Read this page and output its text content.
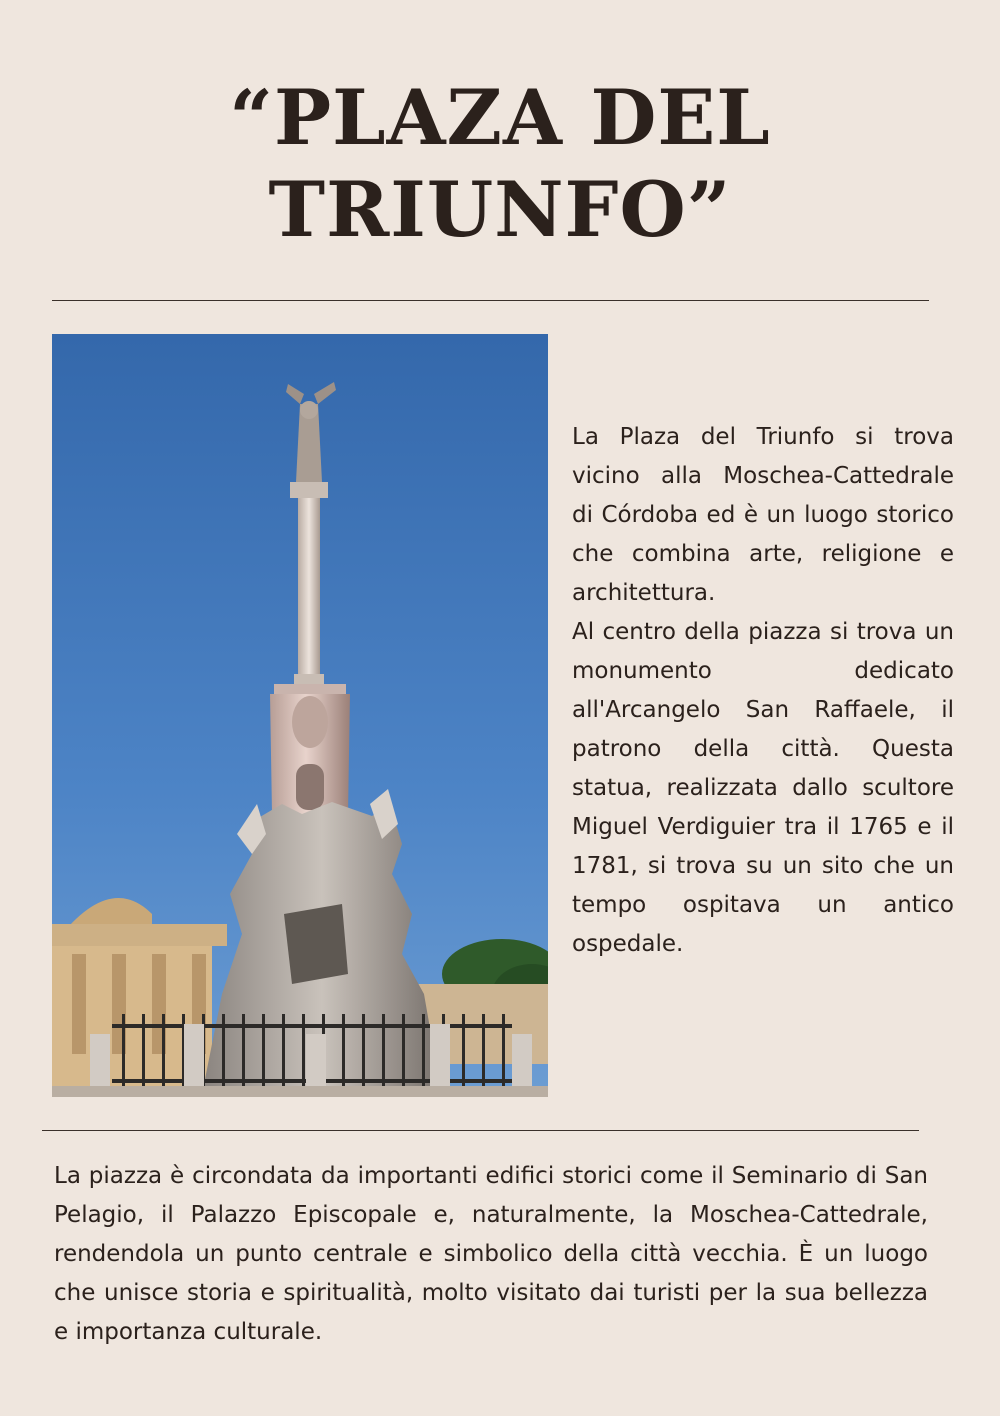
“PLAZA DEL
TRIUNFO”

La Plaza del Triunfo si trova vicino alla Moschea-Cattedrale di Córdoba ed è un luogo storico che combina arte, religione e architettura.

Al centro della piazza si trova un monumento dedicato all'Arcangelo San Raffaele, il patrono della città. Questa statua, realizzata dallo scultore Miguel Verdiguier tra il 1765 e il 1781, si trova su un sito che un tempo ospitava un antico ospedale.

La piazza è circondata da importanti edifici storici come il Seminario di San Pelagio, il Palazzo Episcopale e, naturalmente, la Moschea-Cattedrale, rendendola un punto centrale e simbolico della città vecchia. È un luogo che unisce storia e spiritualità, molto visitato dai turisti per la sua bellezza e importanza culturale.
